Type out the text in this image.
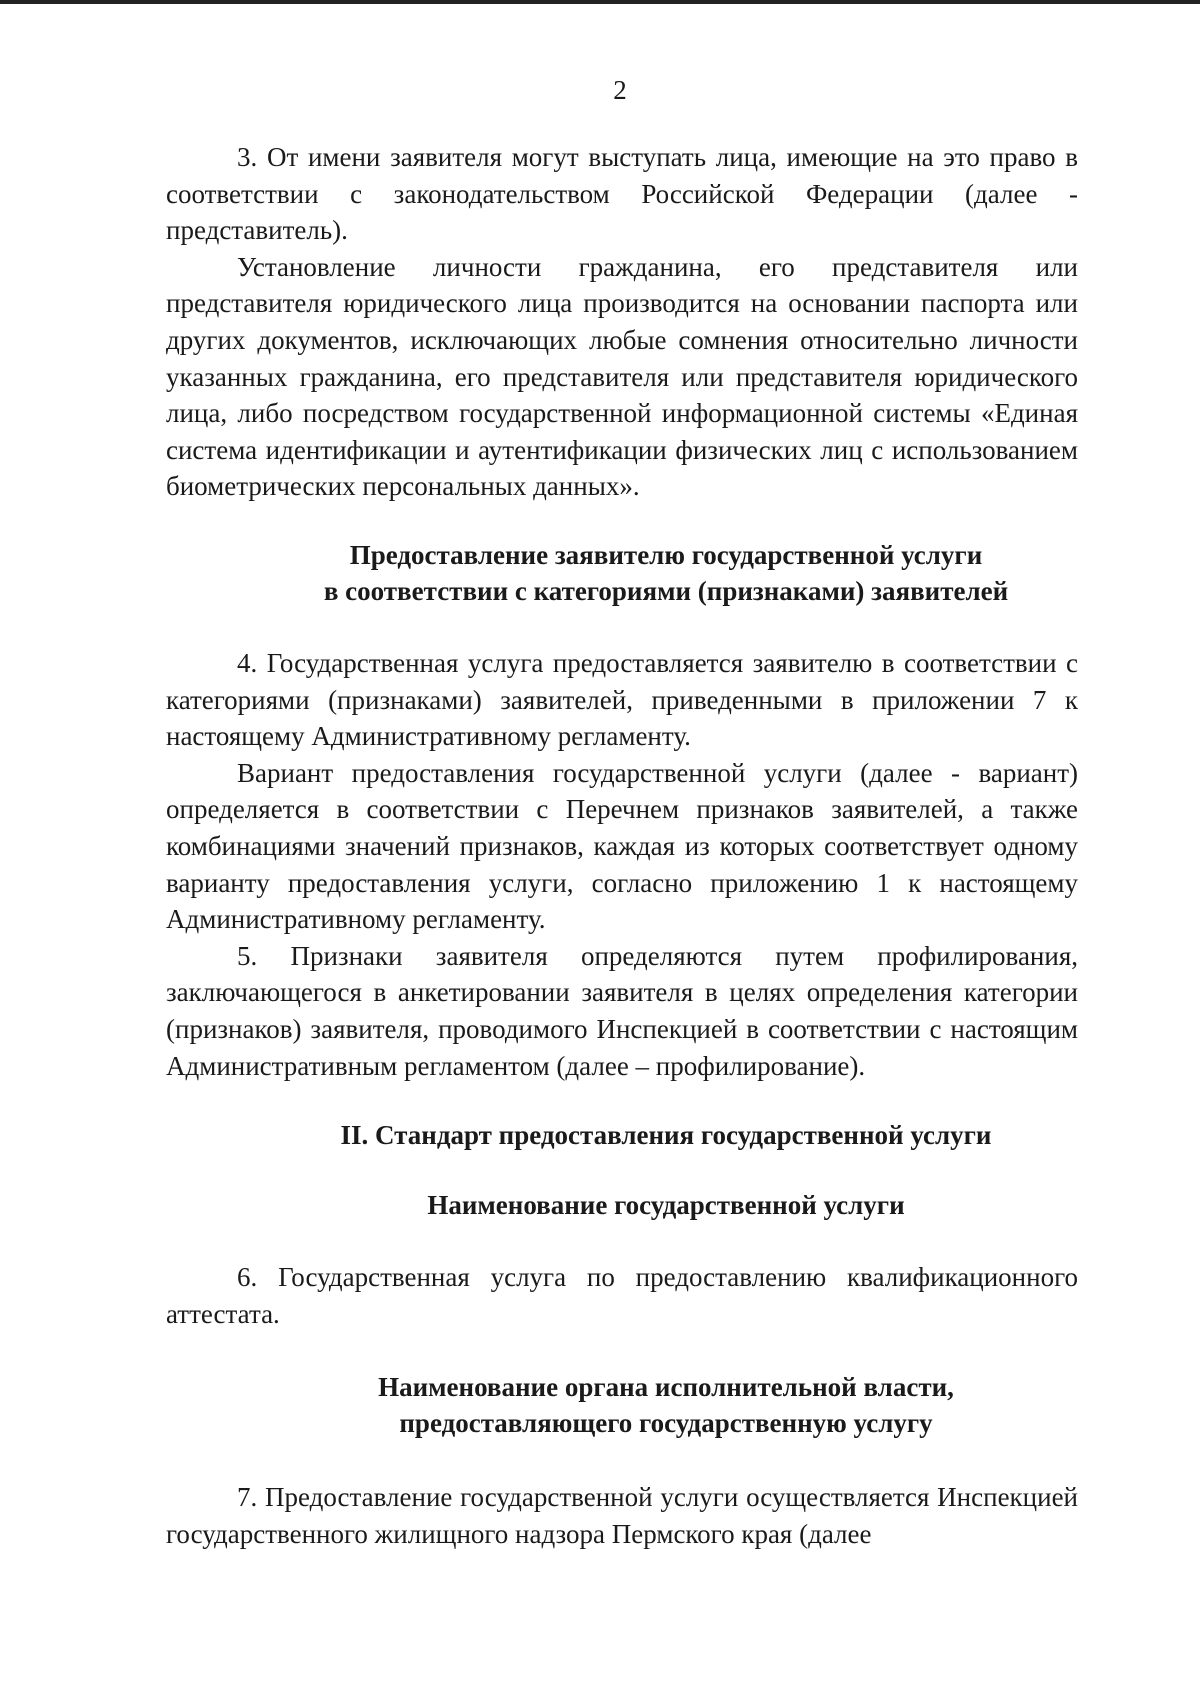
2

3. От имени заявителя могут выступать лица, имеющие на это право в соответствии с законодательством Российской Федерации (далее - представитель).

Установление личности гражданина, его представителя или представителя юридического лица производится на основании паспорта или других документов, исключающих любые сомнения относительно личности указанных гражданина, его представителя или представителя юридического лица, либо посредством государственной информационной системы «Единая система идентификации и аутентификации физических лиц с использованием биометрических персональных данных».

Предоставление заявителю государственной услуги
в соответствии с категориями (признаками) заявителей

4. Государственная услуга предоставляется заявителю в соответствии с категориями (признаками) заявителей, приведенными в приложении 7 к настоящему Административному регламенту.

Вариант предоставления государственной услуги (далее - вариант) определяется в соответствии с Перечнем признаков заявителей, а также комбинациями значений признаков, каждая из которых соответствует одному варианту предоставления услуги, согласно приложению 1 к настоящему Административному регламенту.

5. Признаки заявителя определяются путем профилирования, заключающегося в анкетировании заявителя в целях определения категории (признаков) заявителя, проводимого Инспекцией в соответствии с настоящим Административным регламентом (далее – профилирование).

II. Стандарт предоставления государственной услуги
Наименование государственной услуги

6. Государственная услуга по предоставлению квалификационного аттестата.

Наименование органа исполнительной власти,
предоставляющего государственную услугу

7. Предоставление государственной услуги осуществляется Инспекцией государственного жилищного надзора Пермского края (далее
